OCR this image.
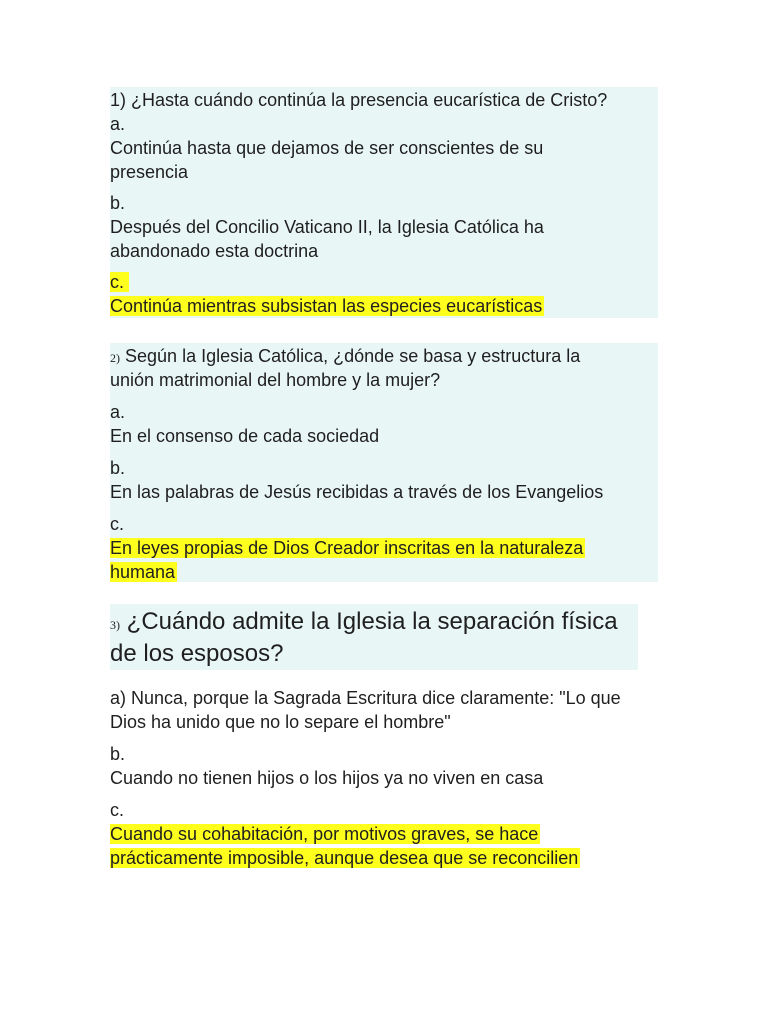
1) ¿Hasta cuándo continúa la presencia eucarística de Cristo?
a.
Continúa hasta que dejamos de ser conscientes de su
presencia
b.
Después del Concilio Vaticano II, la Iglesia Católica ha
abandonado esta doctrina
c.
Continúa mientras subsistan las especies eucarísticas
2) Según la Iglesia Católica, ¿dónde se basa y estructura la
unión matrimonial del hombre y la mujer?
a.
En el consenso de cada sociedad
b.
En las palabras de Jesús recibidas a través de los Evangelios
c.
En leyes propias de Dios Creador inscritas en la naturaleza
humana
3) ¿Cuándo admite la Iglesia la separación física
de los esposos?
a) Nunca, porque la Sagrada Escritura dice claramente: "Lo que
Dios ha unido que no lo separe el hombre"
b.
Cuando no tienen hijos o los hijos ya no viven en casa
c.
Cuando su cohabitación, por motivos graves, se hace
prácticamente imposible, aunque desea que se reconcilien
